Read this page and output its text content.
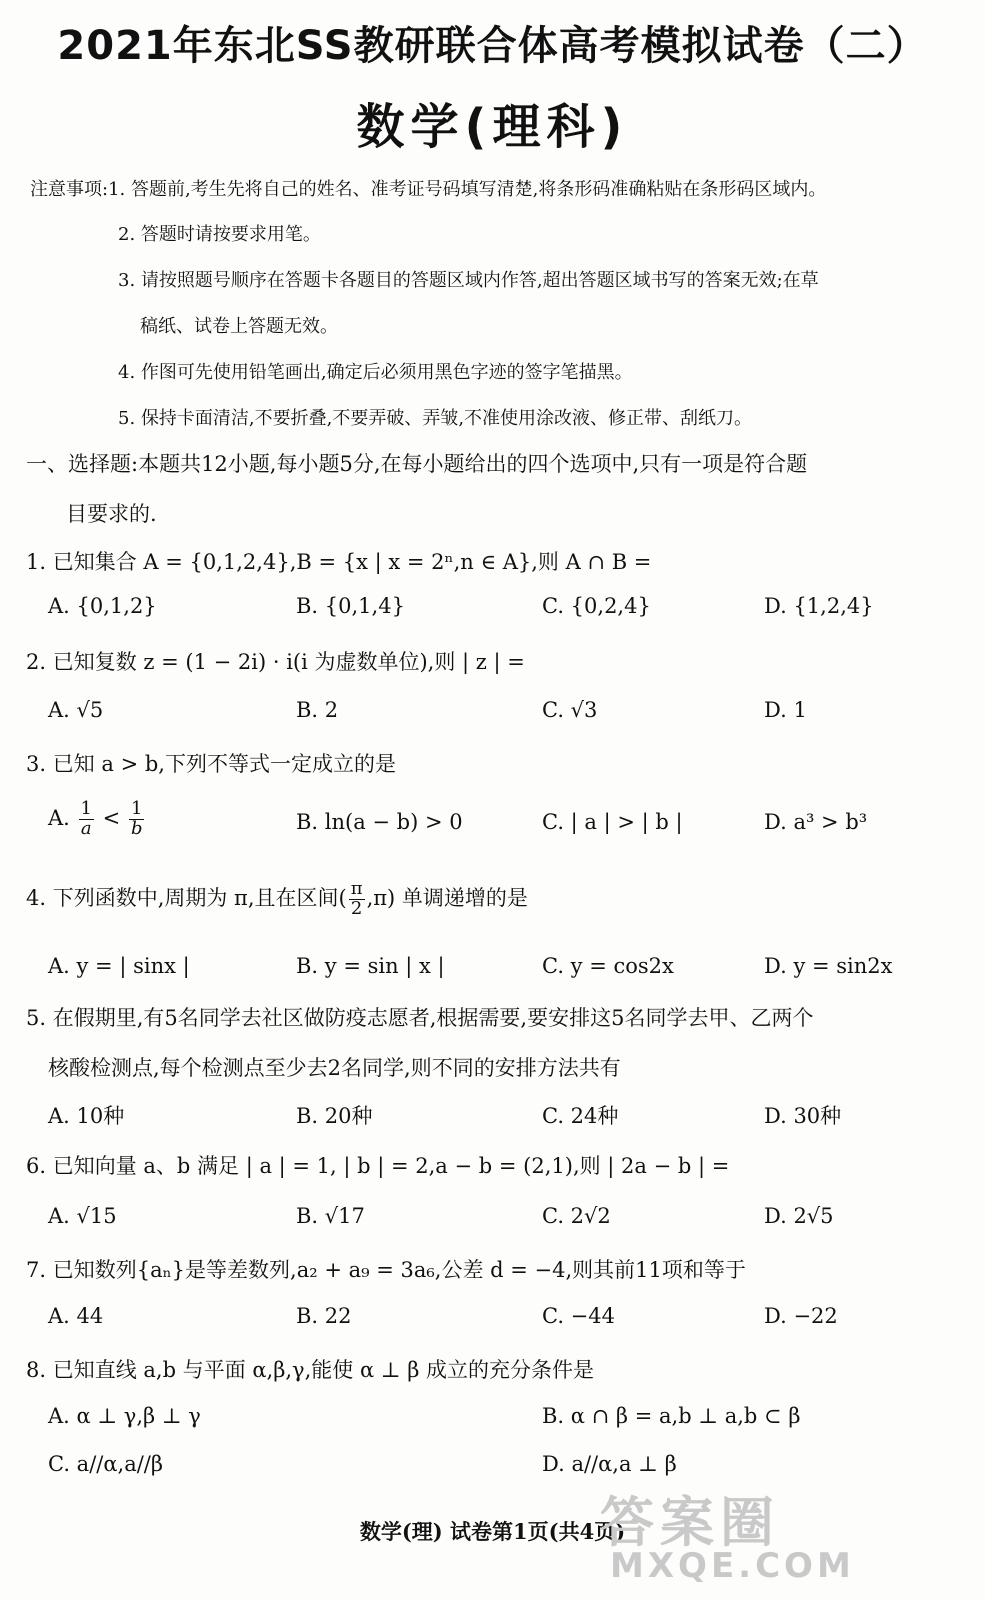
2021年东北SS教研联合体高考模拟试卷（二）
数学(理科)
注意事项:1. 答题前,考生先将自己的姓名、准考证号码填写清楚,将条形码准确粘贴在条形码区域内。
2. 答题时请按要求用笔。
3. 请按照题号顺序在答题卡各题目的答题区域内作答,超出答题区域书写的答案无效;在草
稿纸、试卷上答题无效。
4. 作图可先使用铅笔画出,确定后必须用黑色字迹的签字笔描黑。
5. 保持卡面清洁,不要折叠,不要弄破、弄皱,不准使用涂改液、修正带、刮纸刀。
一、选择题:本题共12小题,每小题5分,在每小题给出的四个选项中,只有一项是符合题
目要求的.
1. 已知集合 A = {0,1,2,4},B = {x | x = 2ⁿ,n ∈ A},则 A ∩ B =
A. {0,1,2}	B. {0,1,4}	C. {0,2,4}	D. {1,2,4}
2. 已知复数 z = (1 − 2i) · i(i 为虚数单位),则 | z | =
A. √5	B. 2	C. √3	D. 1
3. 已知 a > b,下列不等式一定成立的是
A. $\frac{1}{a} < \frac{1}{b}$	B. ln(a − b) > 0	C. | a | > | b |	D. a³ > b³
4. 下列函数中,周期为 π,且在区间( $\frac{\pi}{2} ,\pi$) 单调递增的是
A. y = | sinx |	B. y = sin | x |	C. y = cos2x	D. y = sin2x
5. 在假期里,有5名同学去社区做防疫志愿者,根据需要,要安排这5名同学去甲、乙两个
核酸检测点,每个检测点至少去2名同学,则不同的安排方法共有
A. 10种	B. 20种	C. 24种	D. 30种
6. 已知向量 a、b 满足 | a | = 1, | b | = 2,a − b = (2,1),则 | 2a − b | =
A. √15	B. √17	C. 2√2	D. 2√5
7. 已知数列{aₙ}是等差数列,a₂ + a₉ = 3a₆,公差 d = −4,则其前11项和等于
A. 44	B. 22	C. −44	D. −22
8. 已知直线 a,b 与平面 α,β,γ,能使 α ⊥ β 成立的充分条件是
A. α ⊥ γ,β ⊥ γ	B. α ∩ β = a,b ⊥ a,b ⊂ β
C. a//α,a//β	D. a//α,a ⊥ β
数学(理) 试卷第1页(共4页)
答案圈
MXQE.COM
